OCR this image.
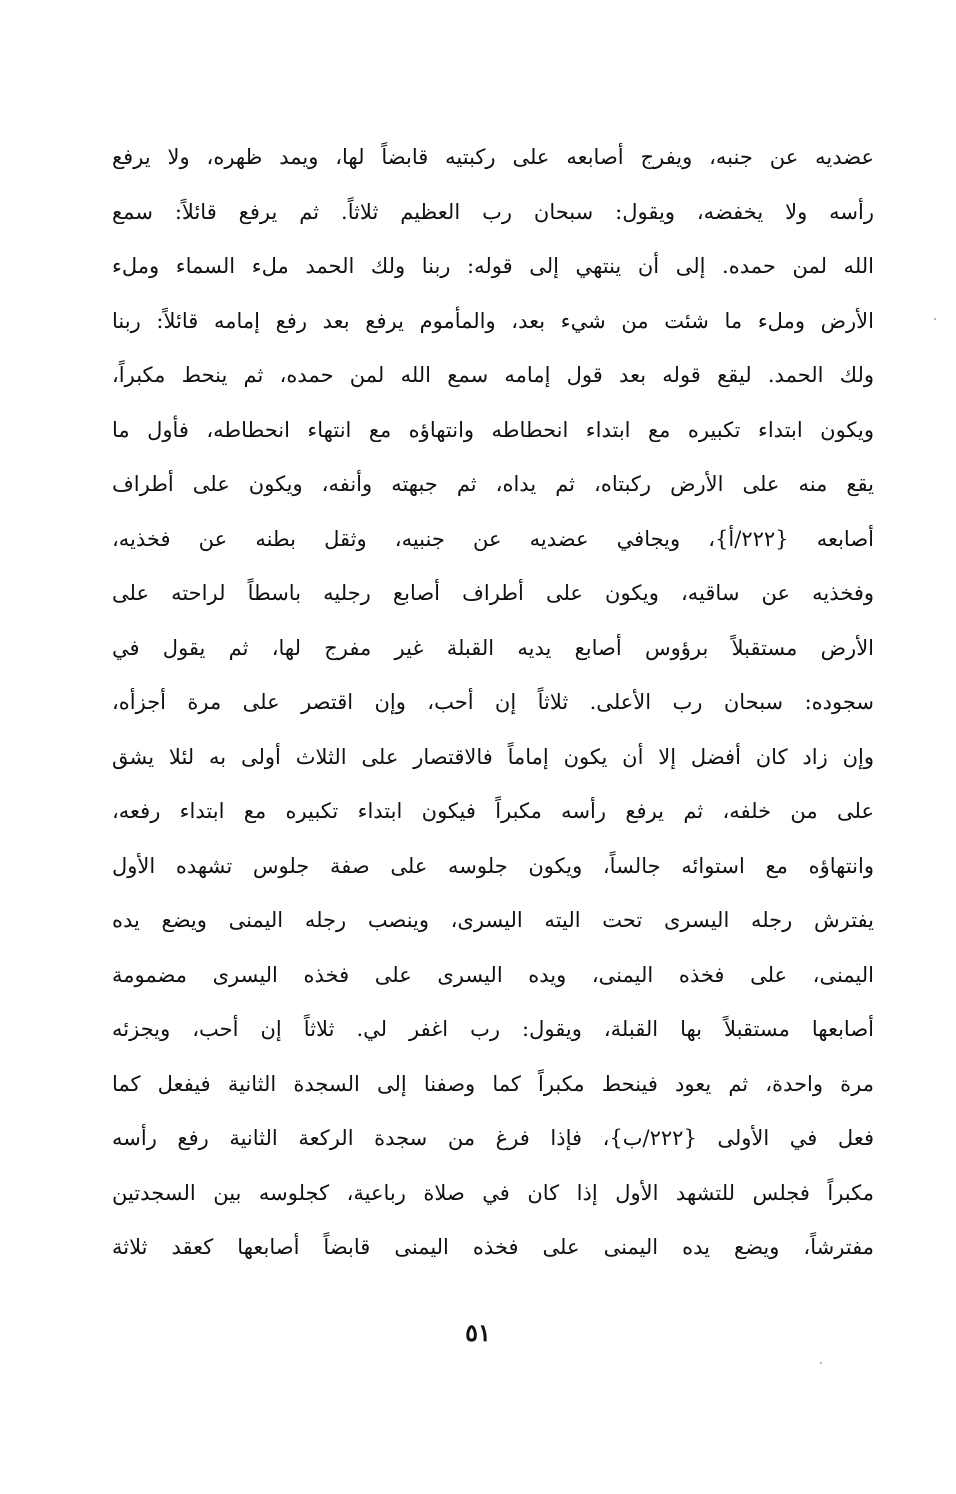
عضديه عن جنبه، ويفرج أصابعه على ركبتيه قابضاً لها، ويمد ظهره، ولا يرفع
رأسه ولا يخفضه، ويقول: سبحان رب العظيم ثلاثاً. ثم يرفع قائلاً: سمع
الله لمن حمده. إلى أن ينتهي إلى قوله: ربنا ولك الحمد ملء السماء وملء
الأرض وملء ما شئت من شيء بعد، والمأموم يرفع بعد رفع إمامه قائلاً: ربنا
ولك الحمد. ليقع قوله بعد قول إمامه سمع الله لمن حمده، ثم ينحط مكبراً،
ويكون ابتداء تكبيره مع ابتداء انحطاطه وانتهاؤه مع انتهاء انحطاطه، فأول ما
يقع منه على الأرض ركبتاه، ثم يداه، ثم جبهته وأنفه، ويكون على أطراف
أصابعه {٢٢٢/أ}، ويجافي عضديه عن جنبيه، وثقل بطنه عن فخذيه،
وفخذيه عن ساقيه، ويكون على أطراف أصابع رجليه باسطاً لراحته على
الأرض مستقبلاً برؤوس أصابع يديه القبلة غير مفرج لها، ثم يقول في
سجوده: سبحان رب الأعلى. ثلاثاً إن أحب، وإن اقتصر على مرة أجزأه،
وإن زاد كان أفضل إلا أن يكون إماماً فالاقتصار على الثلاث أولى به لئلا يشق
على من خلفه، ثم يرفع رأسه مكبراً فيكون ابتداء تكبيره مع ابتداء رفعه،
وانتهاؤه مع استوائه جالساً، ويكون جلوسه على صفة جلوس تشهده الأول
يفترش رجله اليسرى تحت اليته اليسرى، وينصب رجله اليمنى ويضع يده
اليمنى، على فخذه اليمنى، ويده اليسرى على فخذه اليسرى مضمومة
أصابعها مستقبلاً بها القبلة، ويقول: رب اغفر لي. ثلاثاً إن أحب، ويجزئه
مرة واحدة، ثم يعود فينحط مكبراً كما وصفنا إلى السجدة الثانية فيفعل كما
فعل في الأولى {٢٢٢/ب}، فإذا فرغ من سجدة الركعة الثانية رفع رأسه
مكبراً فجلس للتشهد الأول إذا كان في صلاة رباعية، كجلوسه بين السجدتين
مفترشاً، ويضع يده اليمنى على فخذه اليمنى قابضاً أصابعها كعقد ثلاثة
٥١
